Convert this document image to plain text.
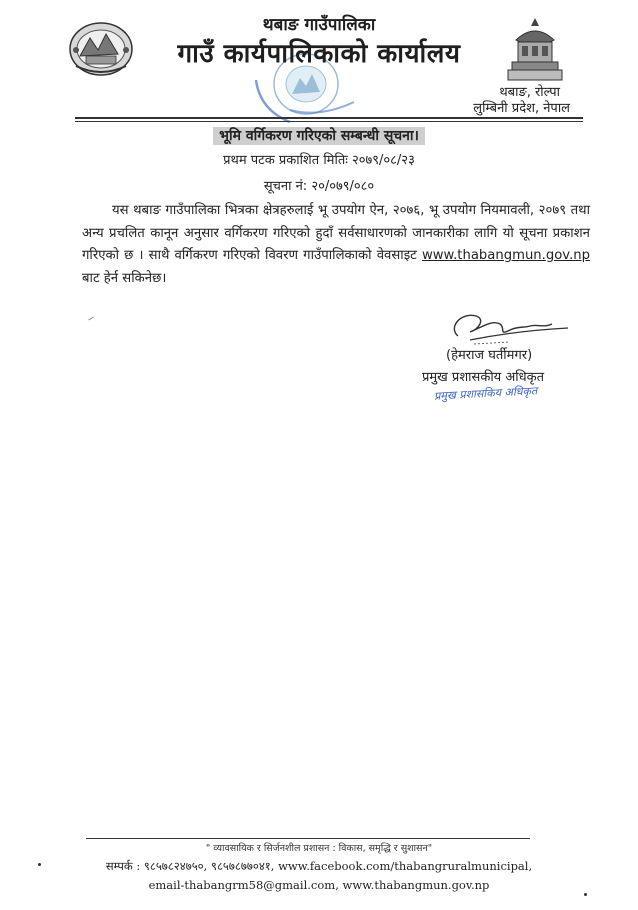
थबाङ गाउँपालिका
गाउँ कार्यपालिकाको कार्यालय
थबाङ, रोल्पा
लुम्बिनी प्रदेश, नेपाल
भूमि वर्गिकरण गरिएको सम्बन्धी सूचना।
प्रथम पटक प्रकाशित मितिः २०७९/०८/२३
सूचना नं: २०/०७९/०८०
यस थबाङ गाउँपालिका भित्रका क्षेत्रहरुलाई भू उपयोग ऐन, २०७६, भू उपयोग नियमावली, २०७९ तथा अन्य प्रचलित कानून अनुसार वर्गिकरण गरिएको हुदाँ सर्वसाधारणको जानकारीका लागि यो सूचना प्रकाशन गरिएको छ । साथै वर्गिकरण गरिएको विवरण गाउँपालिकाको वेवसाइट www.thabangmun.gov.np बाट हेर्न सकिनेछ।
(हेमराज घर्तीमगर)
प्रमुख प्रशासकीय अधिकृत
प्रमुख प्रशासकिय अधिकृत
" व्यावसायिक र सिर्जनशील प्रशासन : विकास, समृद्धि र सुशासन"
सम्पर्क : ९८५७८२४७५०, ९८५७८७७०४१, www.facebook.com/thabangruralmunicipal,
email-thabangrm58@gmail.com, www.thabangmun.gov.np
